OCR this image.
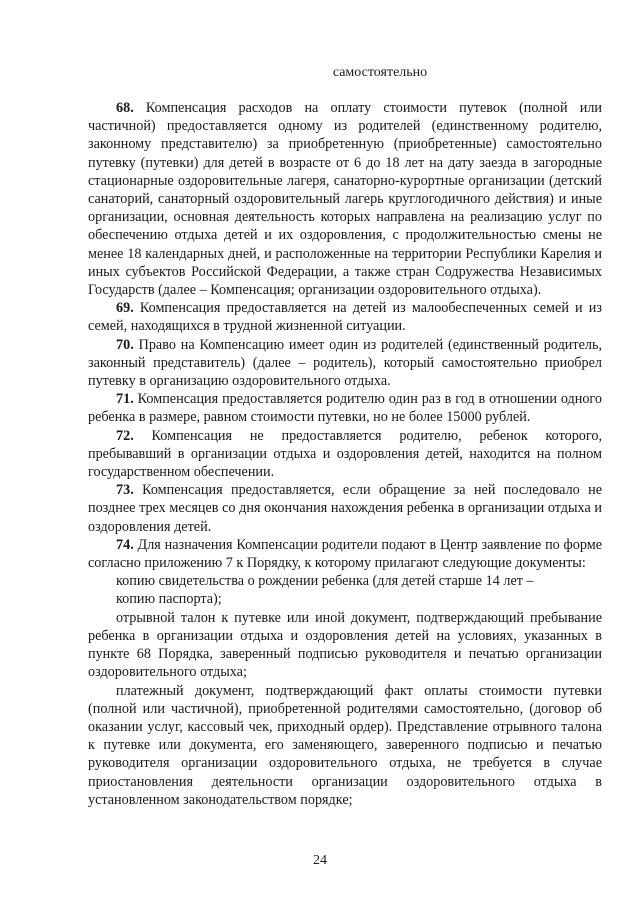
самостоятельно

68. Компенсация расходов на оплату стоимости путевок (полной или частичной) предоставляется одному из родителей (единственному родителю, законному представителю) за приобретенную (приобретенные) самостоятельно путевку (путевки) для детей в возрасте от 6 до 18 лет на дату заезда в загородные стационарные оздоровительные лагеря, санаторно-курортные организации (детский санаторий, санаторный оздоровительный лагерь круглогодичного действия) и иные организации, основная деятельность которых направлена на реализацию услуг по обеспечению отдыха детей и их оздоровления, с продолжительностью смены не менее 18 календарных дней, и расположенные на территории Республики Карелия и иных субъектов Российской Федерации, а также стран Содружества Независимых Государств (далее – Компенсация; организации оздоровительного отдыха).

69. Компенсация предоставляется на детей из малообеспеченных семей и из семей, находящихся в трудной жизненной ситуации.

70. Право на Компенсацию имеет один из родителей (единственный родитель, законный представитель) (далее – родитель), который самостоятельно приобрел путевку в организацию оздоровительного отдыха.

71. Компенсация предоставляется родителю один раз в год в отношении одного ребенка в размере, равном стоимости путевки, но не более 15000 рублей.

72. Компенсация не предоставляется родителю, ребенок которого, пребывавший в организации отдыха и оздоровления детей, находится на полном государственном обеспечении.

73. Компенсация предоставляется, если обращение за ней последовало не позднее трех месяцев со дня окончания нахождения ребенка в организации отдыха и оздоровления детей.

74. Для назначения Компенсации родители подают в Центр заявление по форме согласно приложению 7 к Порядку, к которому прилагают следующие документы:

копию свидетельства о рождении ребенка (для детей старше 14 лет –

копию паспорта);

отрывной талон к путевке или иной документ, подтверждающий пребывание ребенка в организации отдыха и оздоровления детей на условиях, указанных в пункте 68 Порядка, заверенный подписью руководителя и печатью организации оздоровительного отдыха;

платежный документ, подтверждающий факт оплаты стоимости путевки (полной или частичной), приобретенной родителями самостоятельно, (договор об оказании услуг, кассовый чек, приходный ордер). Представление отрывного талона к путевке или документа, его заменяющего, заверенного подписью и печатью руководителя организации оздоровительного отдыха, не требуется в случае приостановления деятельности организации оздоровительного отдыха в установленном законодательством порядке;

24
